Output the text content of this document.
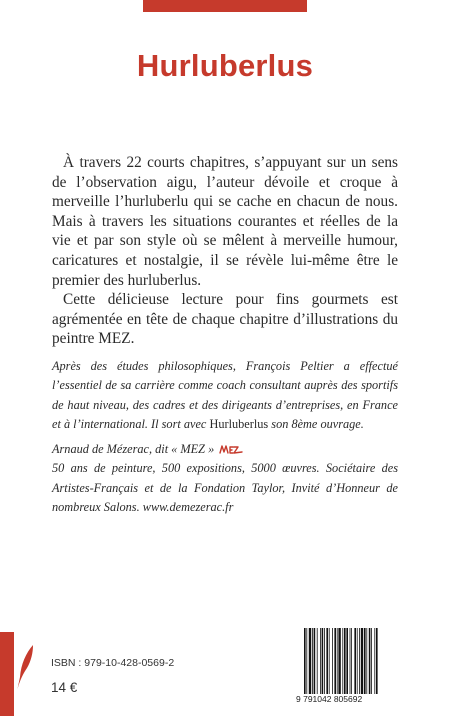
Hurluberlus

À travers 22 courts chapitres, s’appuyant sur un sens de l’observation aigu, l’auteur dévoile et croque à merveille l’hurluberlu qui se cache en chacun de nous. Mais à travers les situations courantes et réelles de la vie et par son style où se mêlent à merveille humour, caricatures et nostalgie, il se révèle lui-même être le premier des hurluberlus.

Cette délicieuse lecture pour fins gourmets est agrémentée en tête de chaque chapitre d’illustrations du peintre MEZ.

Après des études philosophiques, François Peltier a effectué l’essentiel de sa carrière comme coach consultant auprès des sportifs de haut niveau, des cadres et des dirigeants d’entreprises, en France et à l’international. Il sort avec Hurluberlus son 8ème ouvrage.
Arnaud de Mézerac, dit « MEZ »
50 ans de peinture, 500 expositions, 5000 œuvres. Sociétaire des Artistes-Français et de la Fondation Taylor, Invité d’Honneur de nombreux Salons. www.demezerac.fr
ISBN : 979-10-428-0569-2
14 €
9 791042 805692
